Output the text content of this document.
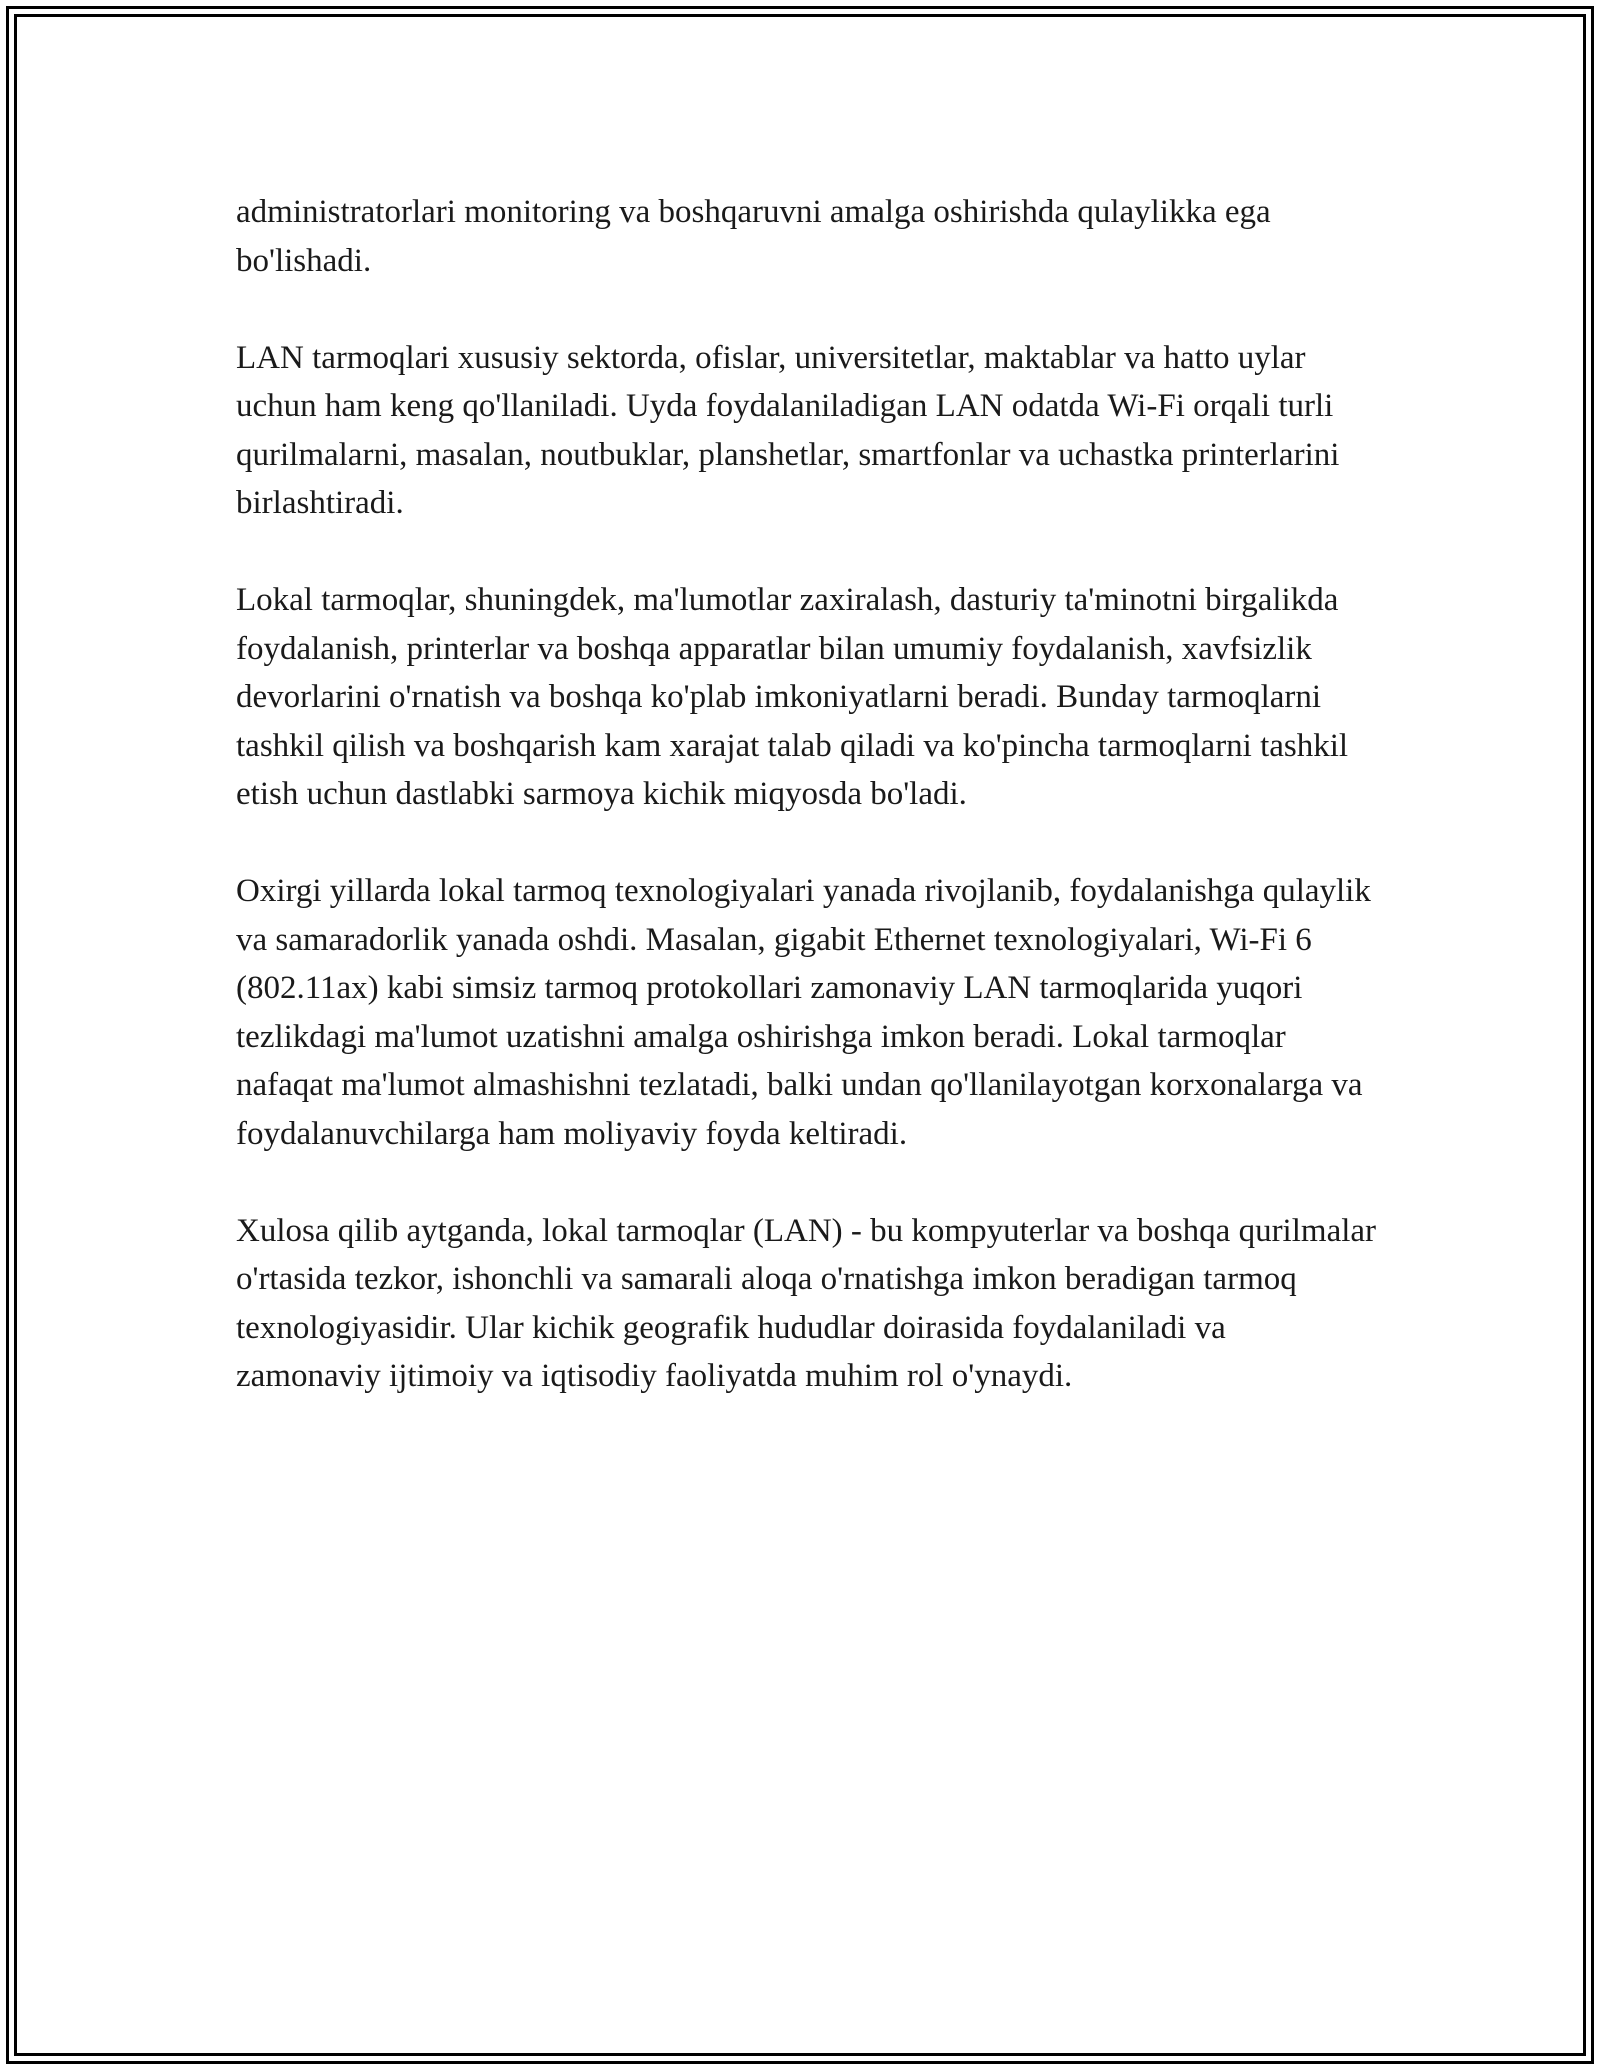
administratorlari monitoring va boshqaruvni amalga oshirishda qulaylikka ega bo'lishadi.

LAN tarmoqlari xususiy sektorda, ofislar, universitetlar, maktablar va hatto uylar uchun ham keng qo'llaniladi. Uyda foydalaniladigan LAN odatda Wi-Fi orqali turli qurilmalarni, masalan, noutbuklar, planshetlar, smartfonlar va uchastka printerlarini birlashtiradi.

Lokal tarmoqlar, shuningdek, ma'lumotlar zaxiralash, dasturiy ta'minotni birgalikda foydalanish, printerlar va boshqa apparatlar bilan umumiy foydalanish, xavfsizlik devorlarini o'rnatish va boshqa ko'plab imkoniyatlarni beradi. Bunday tarmoqlarni tashkil qilish va boshqarish kam xarajat talab qiladi va ko'pincha tarmoqlarni tashkil etish uchun dastlabki sarmoya kichik miqyosda bo'ladi.

Oxirgi yillarda lokal tarmoq texnologiyalari yanada rivojlanib, foydalanishga qulaylik va samaradorlik yanada oshdi. Masalan, gigabit Ethernet texnologiyalari, Wi-Fi 6 (802.11ax) kabi simsiz tarmoq protokollari zamonaviy LAN tarmoqlarida yuqori tezlikdagi ma'lumot uzatishni amalga oshirishga imkon beradi. Lokal tarmoqlar nafaqat ma'lumot almashishni tezlatadi, balki undan qo'llanilayotgan korxonalarga va foydalanuvchilarga ham moliyaviy foyda keltiradi.

Xulosa qilib aytganda, lokal tarmoqlar (LAN) - bu kompyuterlar va boshqa qurilmalar o'rtasida tezkor, ishonchli va samarali aloqa o'rnatishga imkon beradigan tarmoq texnologiyasidir. Ular kichik geografik hududlar doirasida foydalaniladi va zamonaviy ijtimoiy va iqtisodiy faoliyatda muhim rol o'ynaydi.
